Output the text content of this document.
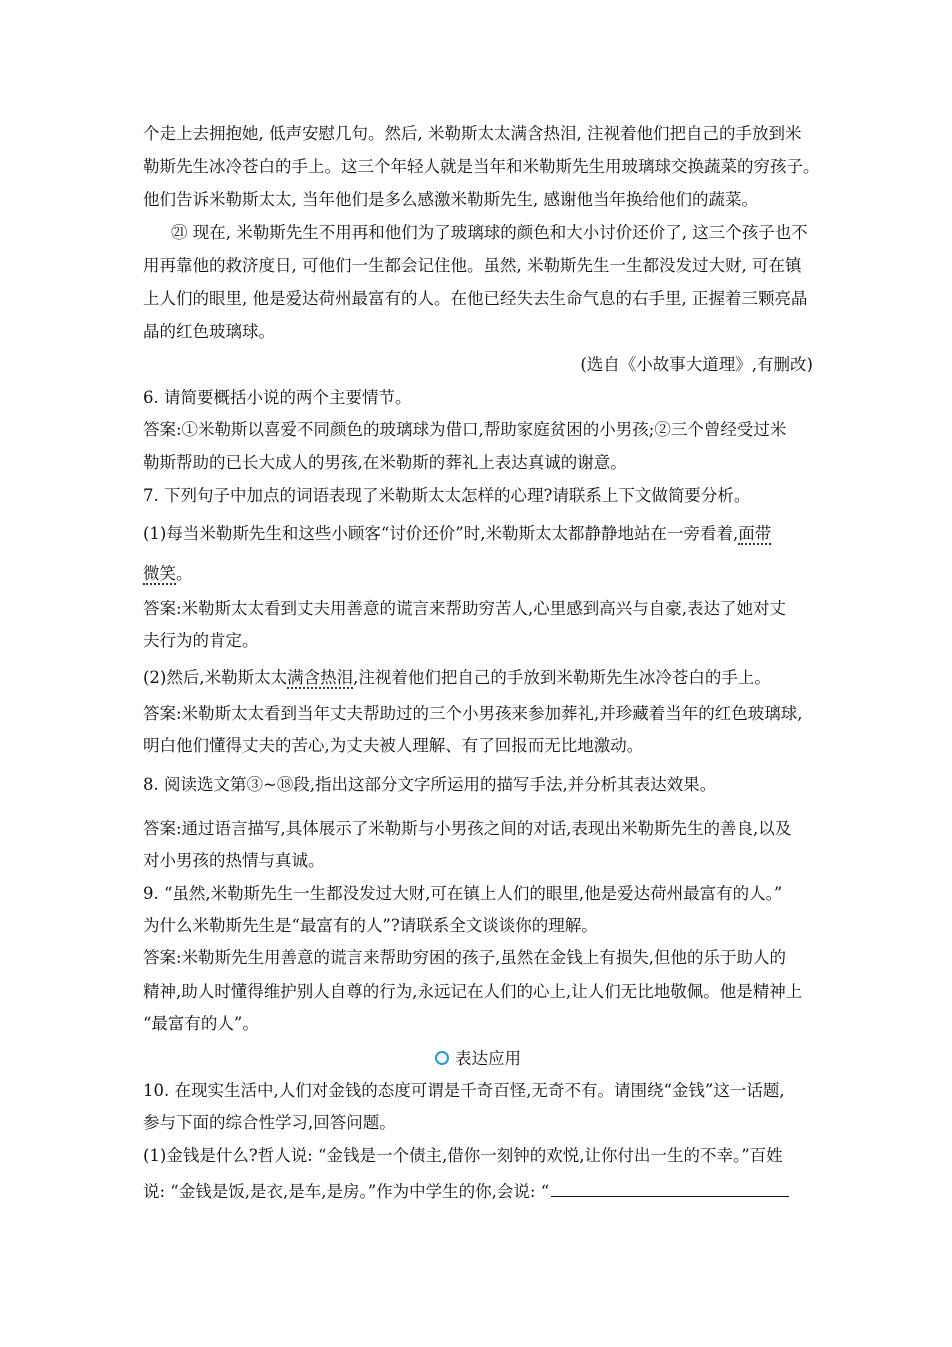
个走上去拥抱她, 低声安慰几句。然后, 米勒斯太太满含热泪, 注视着他们把自己的手放到米
勒斯先生冰冷苍白的手上。这三个年轻人就是当年和米勒斯先生用玻璃球交换蔬菜的穷孩子。
他们告诉米勒斯太太, 当年他们是多么感激米勒斯先生, 感谢他当年换给他们的蔬菜。
㉑ 现在, 米勒斯先生不用再和他们为了玻璃球的颜色和大小讨价还价了, 这三个孩子也不
用再靠他的救济度日, 可他们一生都会记住他。虽然, 米勒斯先生一生都没发过大财, 可在镇
上人们的眼里, 他是爱达荷州最富有的人。在他已经失去生命气息的右手里, 正握着三颗亮晶
晶的红色玻璃球。
(选自《小故事大道理》,有删改)
6. 请简要概括小说的两个主要情节。
答案:①米勒斯以喜爱不同颜色的玻璃球为借口,帮助家庭贫困的小男孩;②三个曾经受过米
勒斯帮助的已长大成人的男孩,在米勒斯的葬礼上表达真诚的谢意。
7. 下列句子中加点的词语表现了米勒斯太太怎样的心理?请联系上下文做简要分析。
(1)每当米勒斯先生和这些小顾客“讨价还价”时,米勒斯太太都静静地站在一旁看着,面带
微笑。
答案:米勒斯太太看到丈夫用善意的谎言来帮助穷苦人,心里感到高兴与自豪,表达了她对丈
夫行为的肯定。
(2)然后,米勒斯太太满含热泪,注视着他们把自己的手放到米勒斯先生冰冷苍白的手上。
答案:米勒斯太太看到当年丈夫帮助过的三个小男孩来参加葬礼,并珍藏着当年的红色玻璃球,
明白他们懂得丈夫的苦心,为丈夫被人理解、有了回报而无比地激动。
8. 阅读选文第③~⑱段,指出这部分文字所运用的描写手法,并分析其表达效果。
答案:通过语言描写,具体展示了米勒斯与小男孩之间的对话,表现出米勒斯先生的善良,以及
对小男孩的热情与真诚。
9. “虽然,米勒斯先生一生都没发过大财,可在镇上人们的眼里,他是爱达荷州最富有的人。”
为什么米勒斯先生是“最富有的人”?请联系全文谈谈你的理解。
答案:米勒斯先生用善意的谎言来帮助穷困的孩子,虽然在金钱上有损失,但他的乐于助人的
精神,助人时懂得维护别人自尊的行为,永远记在人们的心上,让人们无比地敬佩。他是精神上
“最富有的人”。
表达应用
10. 在现实生活中,人们对金钱的态度可谓是千奇百怪,无奇不有。请围绕“金钱”这一话题,
参与下面的综合性学习,回答问题。
(1)金钱是什么?哲人说: “金钱是一个债主,借你一刻钟的欢悦,让你付出一生的不幸。”百姓
说: “金钱是饭,是衣,是车,是房。”作为中学生的你,会说: “
